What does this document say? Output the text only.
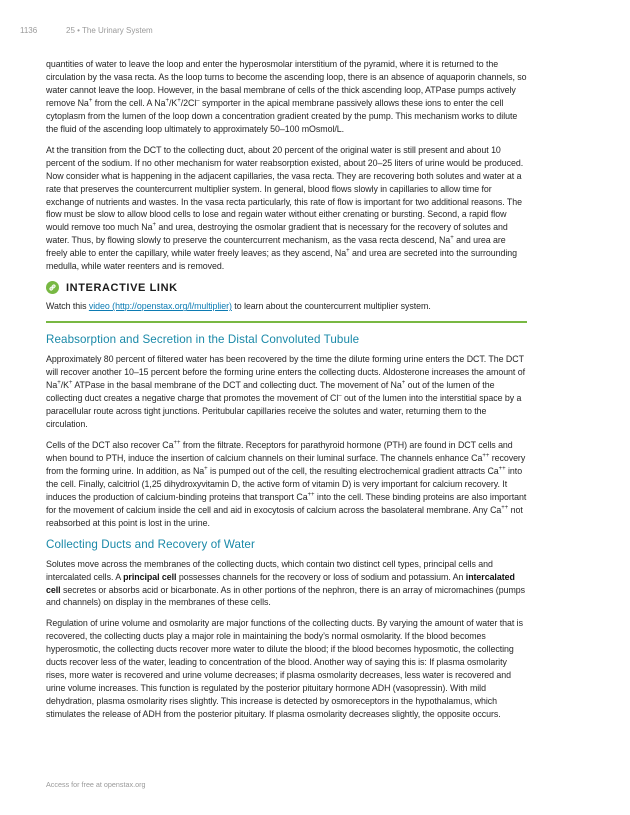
1136	25 • The Urinary System

quantities of water to leave the loop and enter the hyperosmolar interstitium of the pyramid, where it is returned to the circulation by the vasa recta. As the loop turns to become the ascending loop, there is an absence of aquaporin channels, so water cannot leave the loop. However, in the basal membrane of cells of the thick ascending loop, ATPase pumps actively remove Na+ from the cell. A Na+/K+/2Cl– symporter in the apical membrane passively allows these ions to enter the cell cytoplasm from the lumen of the loop down a concentration gradient created by the pump. This mechanism works to dilute the fluid of the ascending loop ultimately to approximately 50–100 mOsmol/L.

At the transition from the DCT to the collecting duct, about 20 percent of the original water is still present and about 10 percent of the sodium. If no other mechanism for water reabsorption existed, about 20–25 liters of urine would be produced. Now consider what is happening in the adjacent capillaries, the vasa recta. They are recovering both solutes and water at a rate that preserves the countercurrent multiplier system. In general, blood flows slowly in capillaries to allow time for exchange of nutrients and wastes. In the vasa recta particularly, this rate of flow is important for two additional reasons. The flow must be slow to allow blood cells to lose and regain water without either crenating or bursting. Second, a rapid flow would remove too much Na+ and urea, destroying the osmolar gradient that is necessary for the recovery of solutes and water. Thus, by flowing slowly to preserve the countercurrent mechanism, as the vasa recta descend, Na+ and urea are freely able to enter the capillary, while water freely leaves; as they ascend, Na+ and urea are secreted into the surrounding medulla, while water reenters and is removed.

INTERACTIVE LINK

Watch this video (http://openstax.org/l/multiplier) to learn about the countercurrent multiplier system.

Reabsorption and Secretion in the Distal Convoluted Tubule

Approximately 80 percent of filtered water has been recovered by the time the dilute forming urine enters the DCT. The DCT will recover another 10–15 percent before the forming urine enters the collecting ducts. Aldosterone increases the amount of Na+/K+ ATPase in the basal membrane of the DCT and collecting duct. The movement of Na+ out of the lumen of the collecting duct creates a negative charge that promotes the movement of Cl– out of the lumen into the interstitial space by a paracellular route across tight junctions. Peritubular capillaries receive the solutes and water, returning them to the circulation.

Cells of the DCT also recover Ca++ from the filtrate. Receptors for parathyroid hormone (PTH) are found in DCT cells and when bound to PTH, induce the insertion of calcium channels on their luminal surface. The channels enhance Ca++ recovery from the forming urine. In addition, as Na+ is pumped out of the cell, the resulting electrochemical gradient attracts Ca++ into the cell. Finally, calcitriol (1,25 dihydroxyvitamin D, the active form of vitamin D) is very important for calcium recovery. It induces the production of calcium-binding proteins that transport Ca++ into the cell. These binding proteins are also important for the movement of calcium inside the cell and aid in exocytosis of calcium across the basolateral membrane. Any Ca++ not reabsorbed at this point is lost in the urine.

Collecting Ducts and Recovery of Water

Solutes move across the membranes of the collecting ducts, which contain two distinct cell types, principal cells and intercalated cells. A principal cell possesses channels for the recovery or loss of sodium and potassium. An intercalated cell secretes or absorbs acid or bicarbonate. As in other portions of the nephron, there is an array of micromachines (pumps and channels) on display in the membranes of these cells.

Regulation of urine volume and osmolarity are major functions of the collecting ducts. By varying the amount of water that is recovered, the collecting ducts play a major role in maintaining the body’s normal osmolarity. If the blood becomes hyperosmotic, the collecting ducts recover more water to dilute the blood; if the blood becomes hyposmotic, the collecting ducts recover less of the water, leading to concentration of the blood. Another way of saying this is: If plasma osmolarity rises, more water is recovered and urine volume decreases; if plasma osmolarity decreases, less water is recovered and urine volume increases. This function is regulated by the posterior pituitary hormone ADH (vasopressin). With mild dehydration, plasma osmolarity rises slightly. This increase is detected by osmoreceptors in the hypothalamus, which stimulates the release of ADH from the posterior pituitary. If plasma osmolarity decreases slightly, the opposite occurs.

Access for free at openstax.org
